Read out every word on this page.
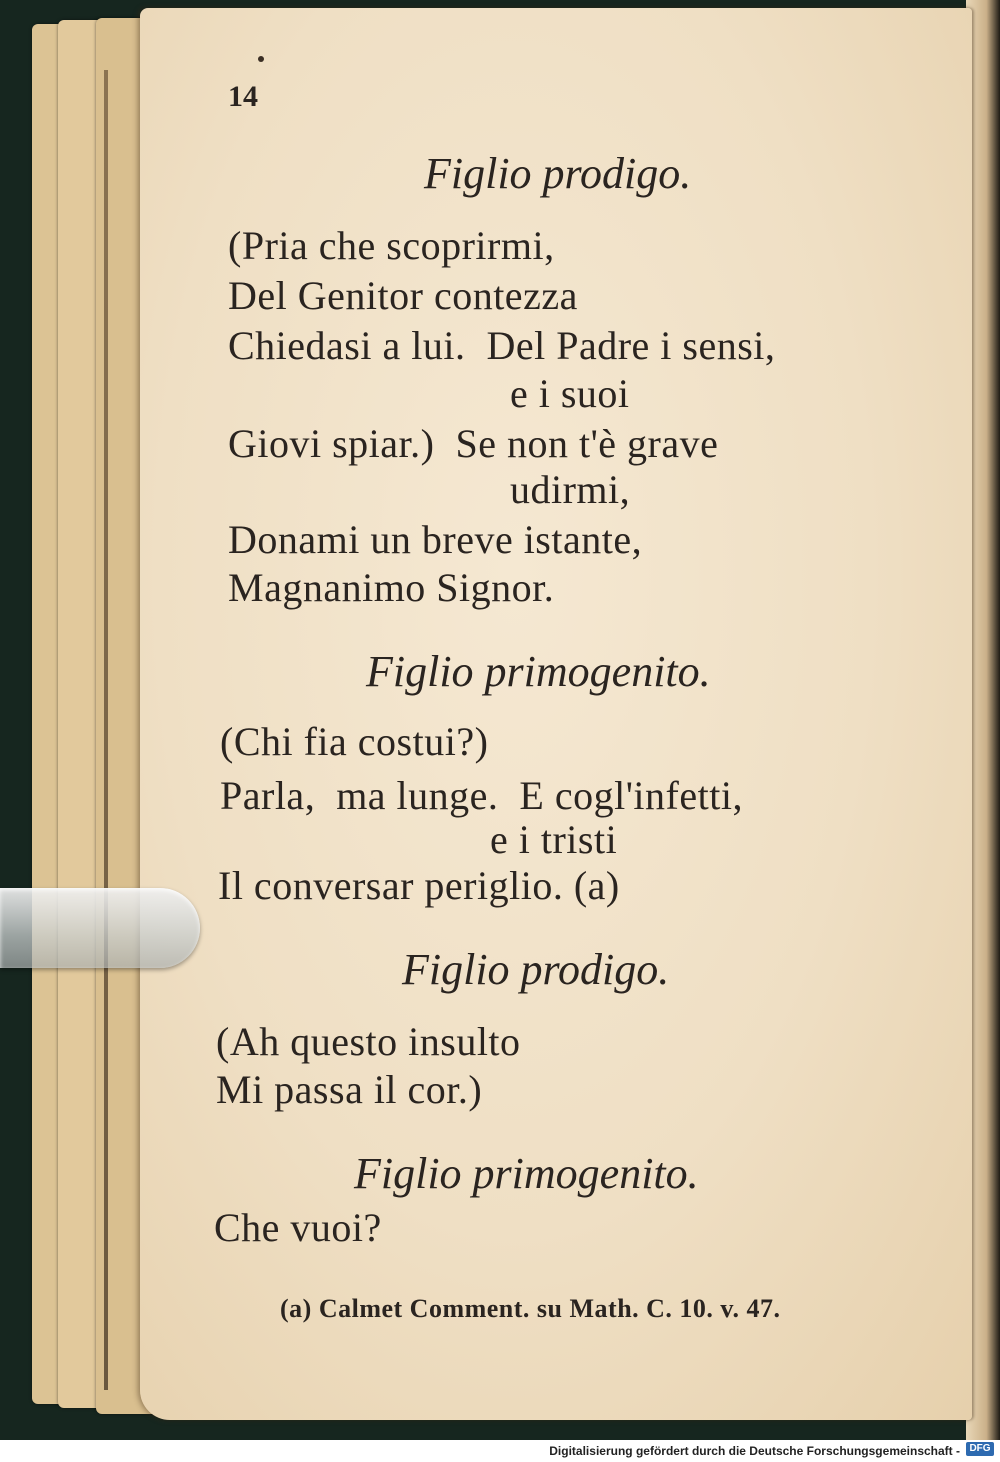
14
Figlio prodigo.
(Pria che scoprirmi,
Del Genitor contezza
Chiedasi a lui.  Del Padre i sensi,
e i suoi
Giovi spiar.)  Se non t'è grave
udirmi,
Donami un breve istante,
Magnanimo Signor.
Figlio primogenito.
(Chi fia costui?)
Parla,  ma lunge.  E cogl'infetti,
e i tristi
Il conversar periglio. (a)
Figlio prodigo.
(Ah questo insulto
Mi passa il cor.)
Figlio primogenito.
Che vuoi?
(a) Calmet Comment. su Math. C. 10. v. 47.
Digitalisierung gefördert durch die Deutsche Forschungsgemeinschaft - DFG
